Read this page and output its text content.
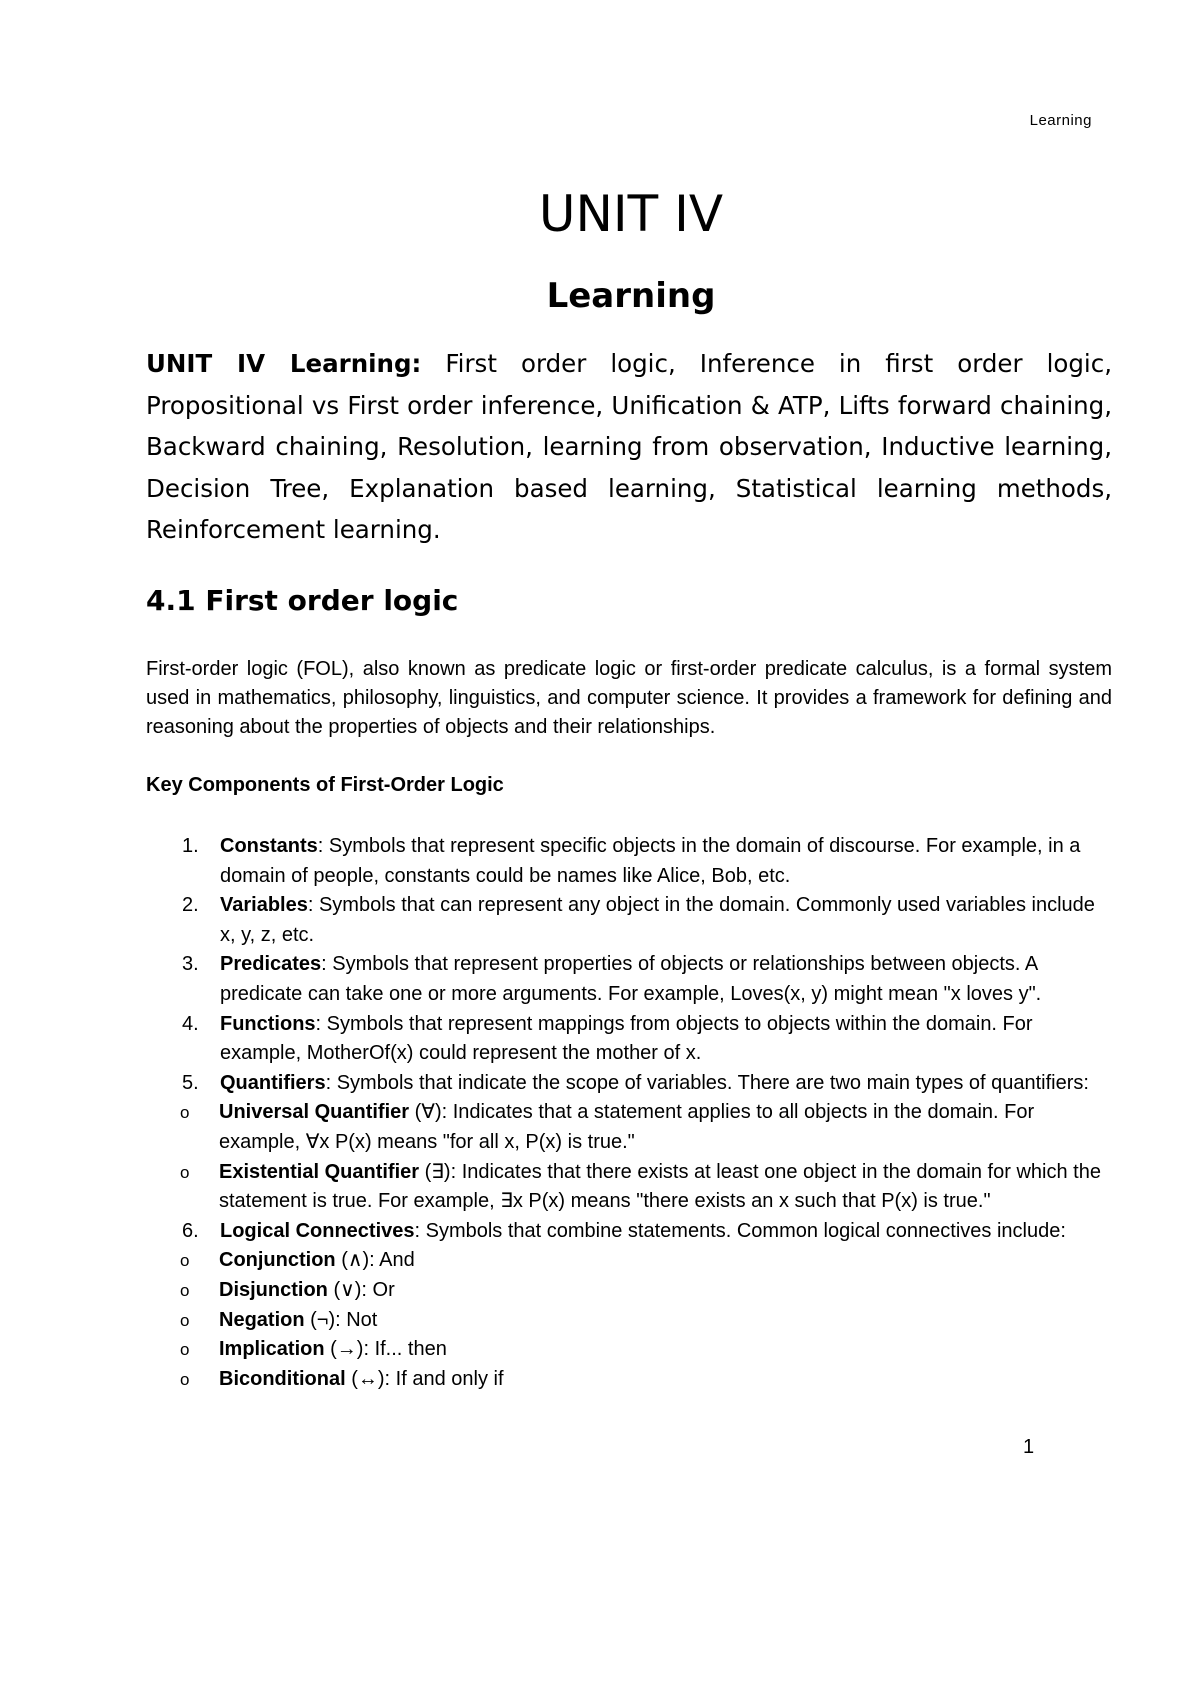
Learning
UNIT IV
Learning
UNIT IV Learning: First order logic, Inference in first order logic, Propositional vs First order inference, Unification & ATP, Lifts forward chaining, Backward chaining, Resolution, learning from observation, Inductive learning, Decision Tree, Explanation based learning, Statistical learning methods, Reinforcement learning.
4.1 First order logic
First-order logic (FOL), also known as predicate logic or first-order predicate calculus, is a formal system used in mathematics, philosophy, linguistics, and computer science. It provides a framework for defining and reasoning about the properties of objects and their relationships.
Key Components of First-Order Logic
1. Constants: Symbols that represent specific objects in the domain of discourse. For example, in a domain of people, constants could be names like Alice, Bob, etc.
2. Variables: Symbols that can represent any object in the domain. Commonly used variables include x, y, z, etc.
3. Predicates: Symbols that represent properties of objects or relationships between objects. A predicate can take one or more arguments. For example, Loves(x, y) might mean "x loves y".
4. Functions: Symbols that represent mappings from objects to objects within the domain. For example, MotherOf(x) could represent the mother of x.
5. Quantifiers: Symbols that indicate the scope of variables. There are two main types of quantifiers:
o Universal Quantifier (∀): Indicates that a statement applies to all objects in the domain. For example, ∀x P(x) means "for all x, P(x) is true."
o Existential Quantifier (∃): Indicates that there exists at least one object in the domain for which the statement is true. For example, ∃x P(x) means "there exists an x such that P(x) is true."
6. Logical Connectives: Symbols that combine statements. Common logical connectives include:
o Conjunction (∧): And
o Disjunction (∨): Or
o Negation (¬): Not
o Implication (→): If... then
o Biconditional (↔): If and only if
1
